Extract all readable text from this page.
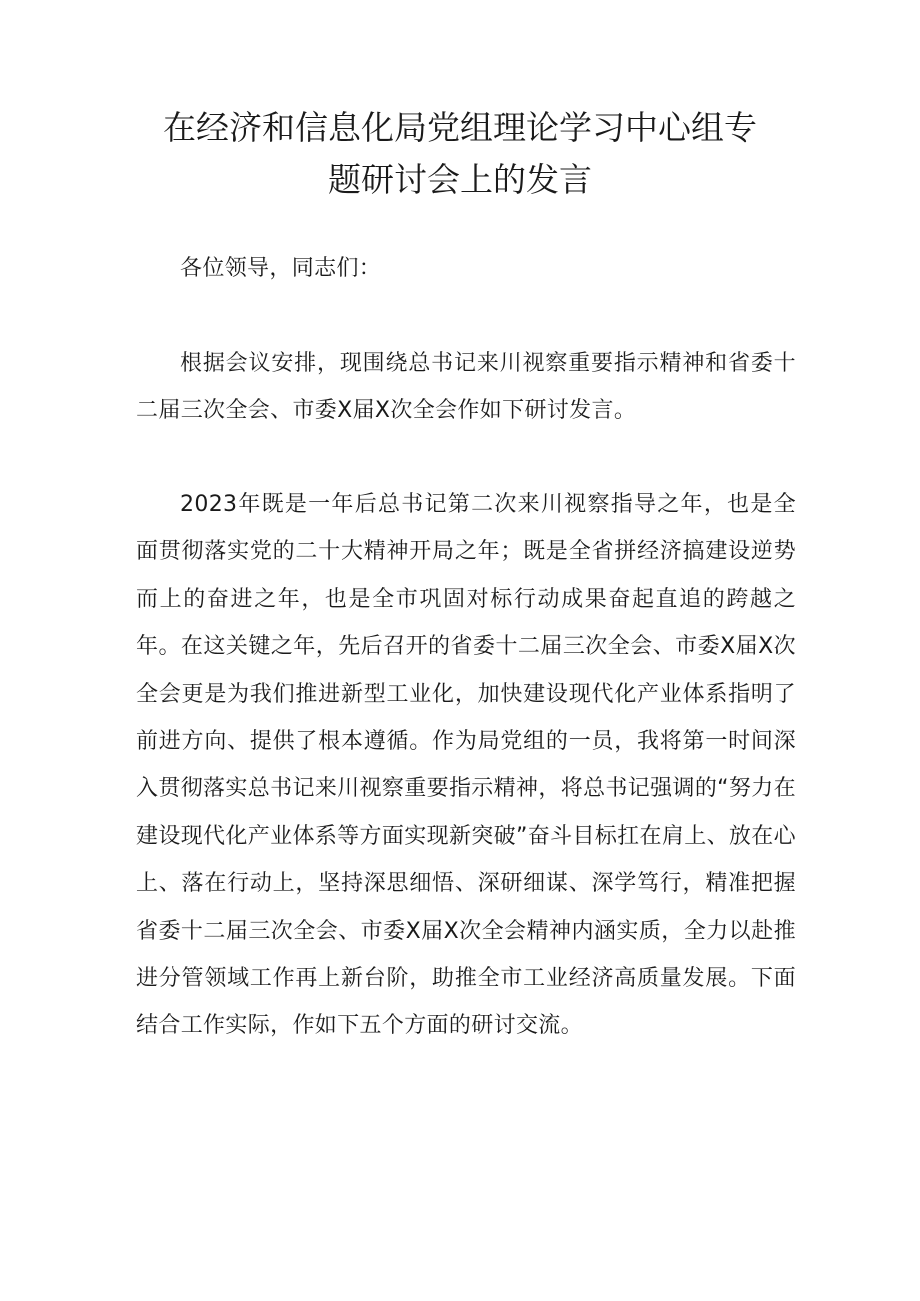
在经济和信息化局党组理论学习中心组专
题研讨会上的发言

各位领导，同志们：

根据会议安排，现围绕总书记来川视察重要指示精神和省委十二届三次全会、市委X届X次全会作如下研讨发言。

2023年既是一年后总书记第二次来川视察指导之年，也是全面贯彻落实党的二十大精神开局之年；既是全省拼经济搞建设逆势而上的奋进之年，也是全市巩固对标行动成果奋起直追的跨越之年。在这关键之年，先后召开的省委十二届三次全会、市委X届X次全会更是为我们推进新型工业化，加快建设现代化产业体系指明了前进方向、提供了根本遵循。作为局党组的一员，我将第一时间深入贯彻落实总书记来川视察重要指示精神，将总书记强调的“努力在建设现代化产业体系等方面实现新突破”奋斗目标扛在肩上、放在心上、落在行动上，坚持深思细悟、深研细谋、深学笃行，精准把握省委十二届三次全会、市委X届X次全会精神内涵实质，全力以赴推进分管领域工作再上新台阶，助推全市工业经济高质量发展。下面结合工作实际，作如下五个方面的研讨交流。
